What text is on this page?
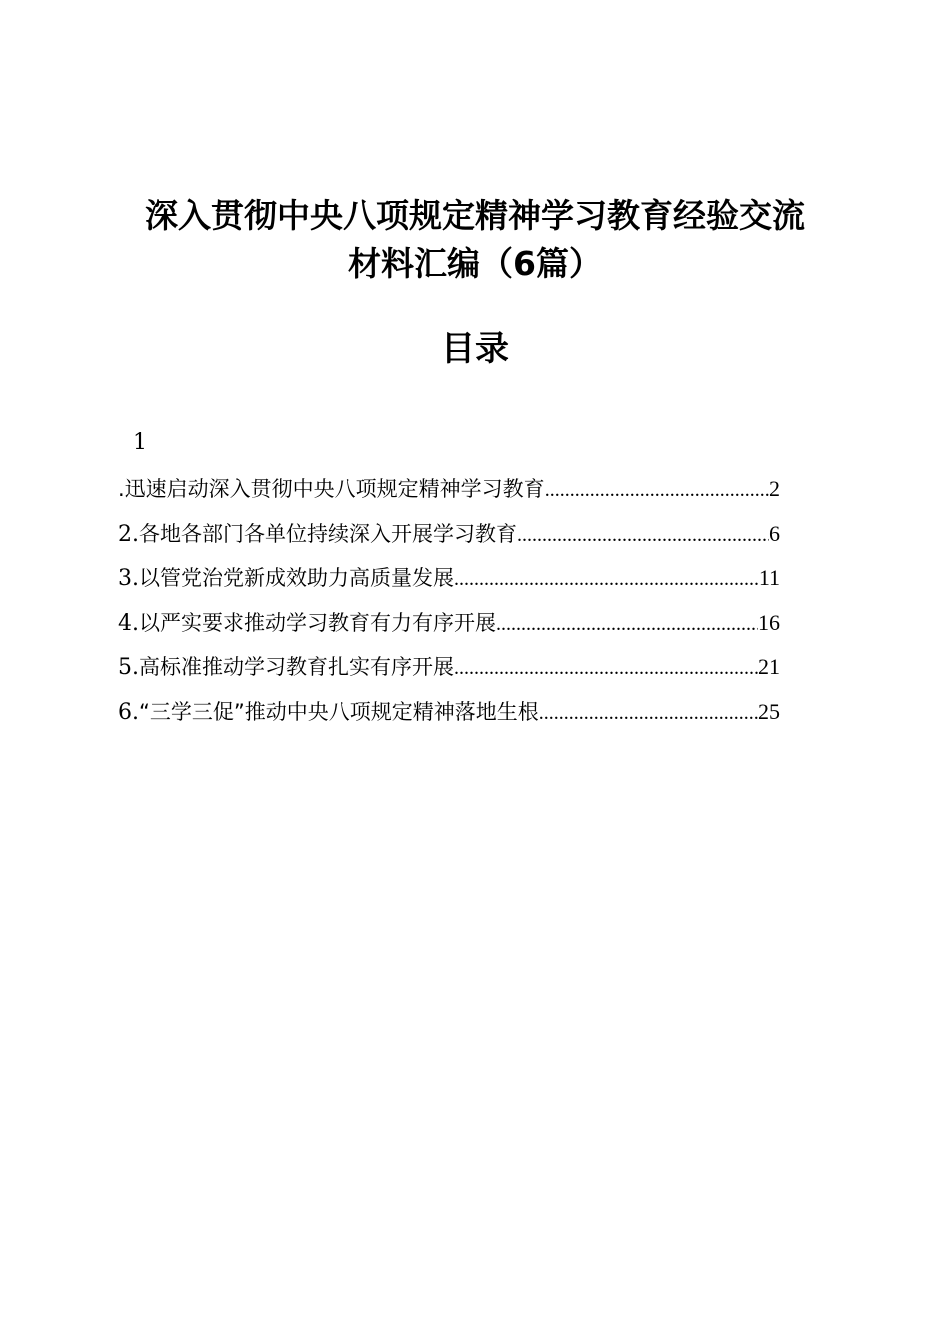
深入贯彻中央八项规定精神学习教育经验交流
材料汇编（6篇）
目录
1
.迅速启动深入贯彻中央八项规定精神学习教育 .....	2
2.各地各部门各单位持续深入开展学习教育 .....	6
3.以管党治党新成效助力高质量发展 .....	11
4.以严实要求推动学习教育有力有序开展 .....	16
5.高标准推动学习教育扎实有序开展 .....	21
6.“三学三促”推动中央八项规定精神落地生根 .....	25
